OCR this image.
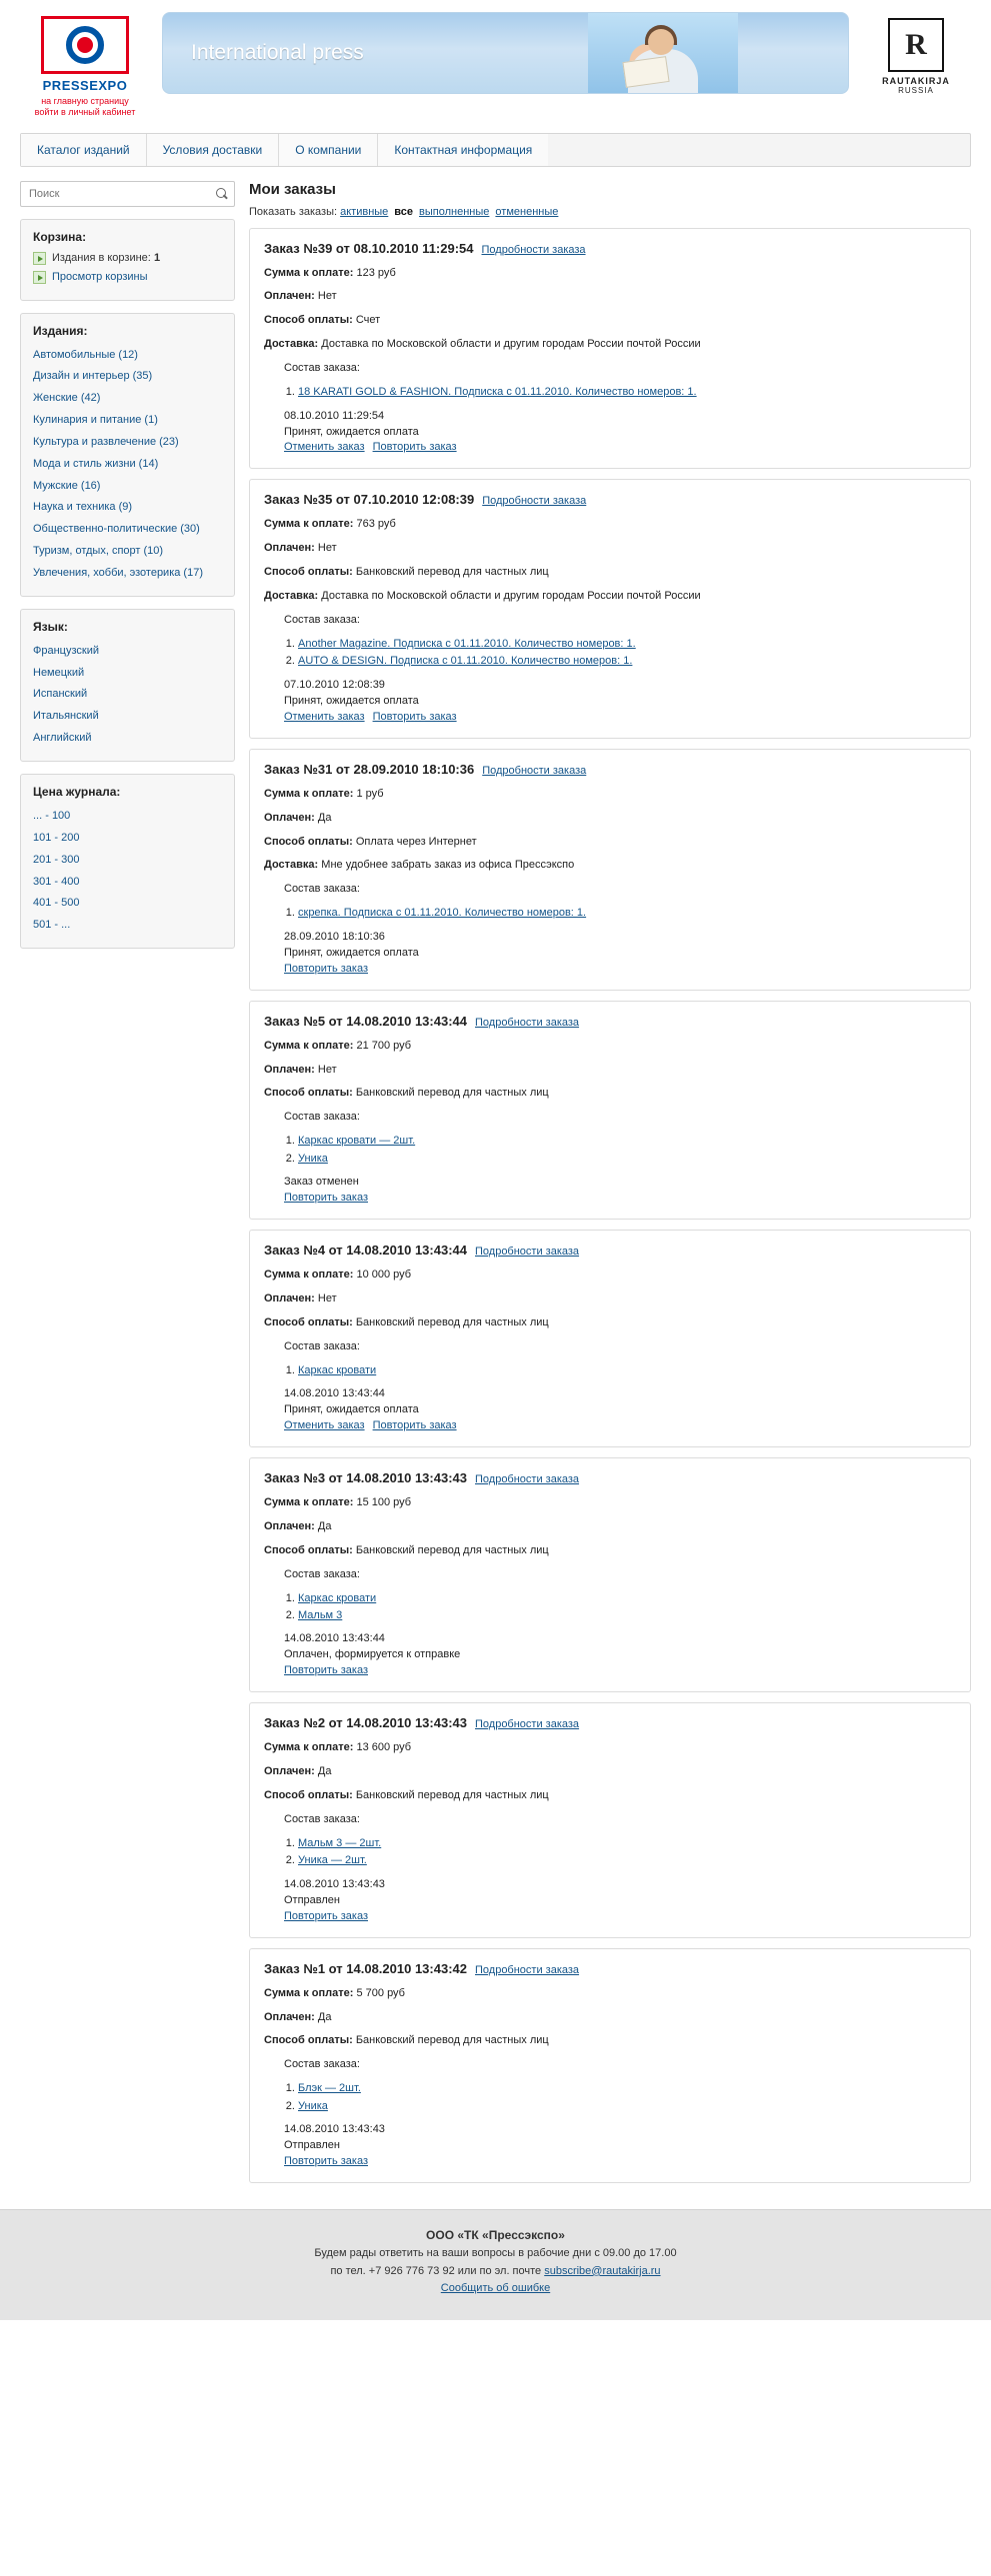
PRESSEXPO
на главную страницу
войти в личный кабинет
International press	R
RAUTAKIRJA
RUSSIA
Каталог изданий	Условия доставки	О компании	Контактная информация
Поиск
Корзина:
Издания в корзине: 1
Просмотр корзины
Издания:
Автомобильные (12)
Дизайн и интерьер (35)
Женские (42)
Кулинария и питание (1)
Культура и развлечение (23)
Мода и стиль жизни (14)
Мужские (16)
Наука и техника (9)
Общественно-политические (30)
Туризм, отдых, спорт (10)
Увлечения, хобби, эзотерика (17)
Язык:
Французский
Немецкий
Испанский
Итальянский
Английский
Цена журнала:
... - 100
101 - 200
201 - 300
301 - 400
401 - 500
501 - ...
Мои заказы
Показать заказы: активные все выполненные отмененные
Заказ №39 от 08.10.2010 11:29:54 Подробности заказа

Сумма к оплате: 123 руб

Оплачен: Нет

Способ оплаты: Счет

Доставка: Доставка по Московской области и другим городам России почтой России

Состав заказа:

1. 18 KARATI GOLD & FASHION. Подписка с 01.11.2010. Количество номеров: 1.
08.10.2010 11:29:54
Принят, ожидается оплата
Отменить заказ Повторить заказ
Заказ №35 от 07.10.2010 12:08:39 Подробности заказа

Сумма к оплате: 763 руб

Оплачен: Нет

Способ оплаты: Банковский перевод для частных лиц

Доставка: Доставка по Московской области и другим городам России почтой России

Состав заказа:

1. Another Magazine. Подписка с 01.11.2010. Количество номеров: 1.
2. AUTO & DESIGN. Подписка с 01.11.2010. Количество номеров: 1.
07.10.2010 12:08:39
Принят, ожидается оплата
Отменить заказ Повторить заказ
Заказ №31 от 28.09.2010 18:10:36 Подробности заказа

Сумма к оплате: 1 руб

Оплачен: Да

Способ оплаты: Оплата через Интернет

Доставка: Мне удобнее забрать заказ из офиса Прессэкспо

Состав заказа:

1. скрепка. Подписка с 01.11.2010. Количество номеров: 1.
28.09.2010 18:10:36
Принят, ожидается оплата
Повторить заказ
Заказ №5 от 14.08.2010 13:43:44 Подробности заказа

Сумма к оплате: 21 700 руб

Оплачен: Нет

Способ оплаты: Банковский перевод для частных лиц

Состав заказа:

1. Каркас кровати — 2шт.
2. Уника
Заказ отменен
Повторить заказ
Заказ №4 от 14.08.2010 13:43:44 Подробности заказа

Сумма к оплате: 10 000 руб

Оплачен: Нет

Способ оплаты: Банковский перевод для частных лиц

Состав заказа:

1. Каркас кровати
14.08.2010 13:43:44
Принят, ожидается оплата
Отменить заказ Повторить заказ
Заказ №3 от 14.08.2010 13:43:43 Подробности заказа

Сумма к оплате: 15 100 руб

Оплачен: Да

Способ оплаты: Банковский перевод для частных лиц

Состав заказа:

1. Каркас кровати
2. Мальм 3
14.08.2010 13:43:44
Оплачен, формируется к отправке
Повторить заказ
Заказ №2 от 14.08.2010 13:43:43 Подробности заказа

Сумма к оплате: 13 600 руб

Оплачен: Да

Способ оплаты: Банковский перевод для частных лиц

Состав заказа:

1. Мальм 3 — 2шт.
2. Уника — 2шт.
14.08.2010 13:43:43
Отправлен
Повторить заказ
Заказ №1 от 14.08.2010 13:43:42 Подробности заказа

Сумма к оплате: 5 700 руб

Оплачен: Да

Способ оплаты: Банковский перевод для частных лиц

Состав заказа:

1. Блэк — 2шт.
2. Уника
14.08.2010 13:43:43
Отправлен
Повторить заказ
ООО «ТК «Прессэкспо»
Будем рады ответить на ваши вопросы в рабочие дни с 09.00 до 17.00
по тел. +7 926 776 73 92 или по эл. почте subscribe@rautakirja.ru
Сообщить об ошибке
